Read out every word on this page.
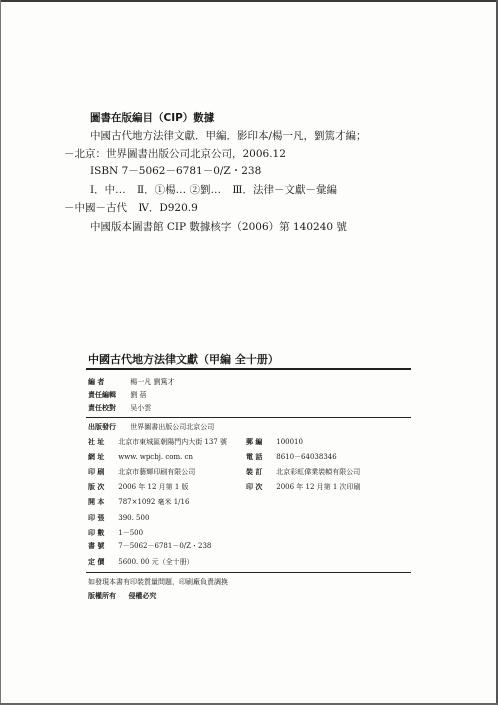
圖書在版編目（CIP）數據
中國古代地方法律文獻．甲編．影印本/楊一凡，劉篤才編；
－北京：世界圖書出版公司北京公司，2006.12
ISBN 7－5062－6781－0/Z・238
Ⅰ．中… Ⅱ．①楊… ②劉… Ⅲ．法律－文獻－彙編
－中國－古代 Ⅳ．D920.9
中國版本圖書館 CIP 數據核字（2006）第 140240 號
中國古代地方法律文獻（甲編 全十册）
編 者	楊一凡 劉篤才
責任編輯 劉 蓓
責任校對 吴小雲
出版發行 世界圖書出版公司北京公司
社 址 北京市東城區朝陽門内大街 137 號
網 址 www. wpcbj. com. cn
印 刷 北京市藝輝印刷有限公司
版 次 2006 年 12 月第 1 版
開 本 787×1092 毫米 1/16
印 張 390. 500
印 數 1－500
書 號 7－5062－6781－0/Z・238
定 價 5600. 00 元（全十册）
郵 編 100010
電 話 8610－64038346
裝 訂 北京彩虹偉業裝幀有限公司
印 次 2006 年 12 月第 1 次印刷
如發現本書有印裝質量問題，印刷廠負責調换
版權所有 侵權必究
